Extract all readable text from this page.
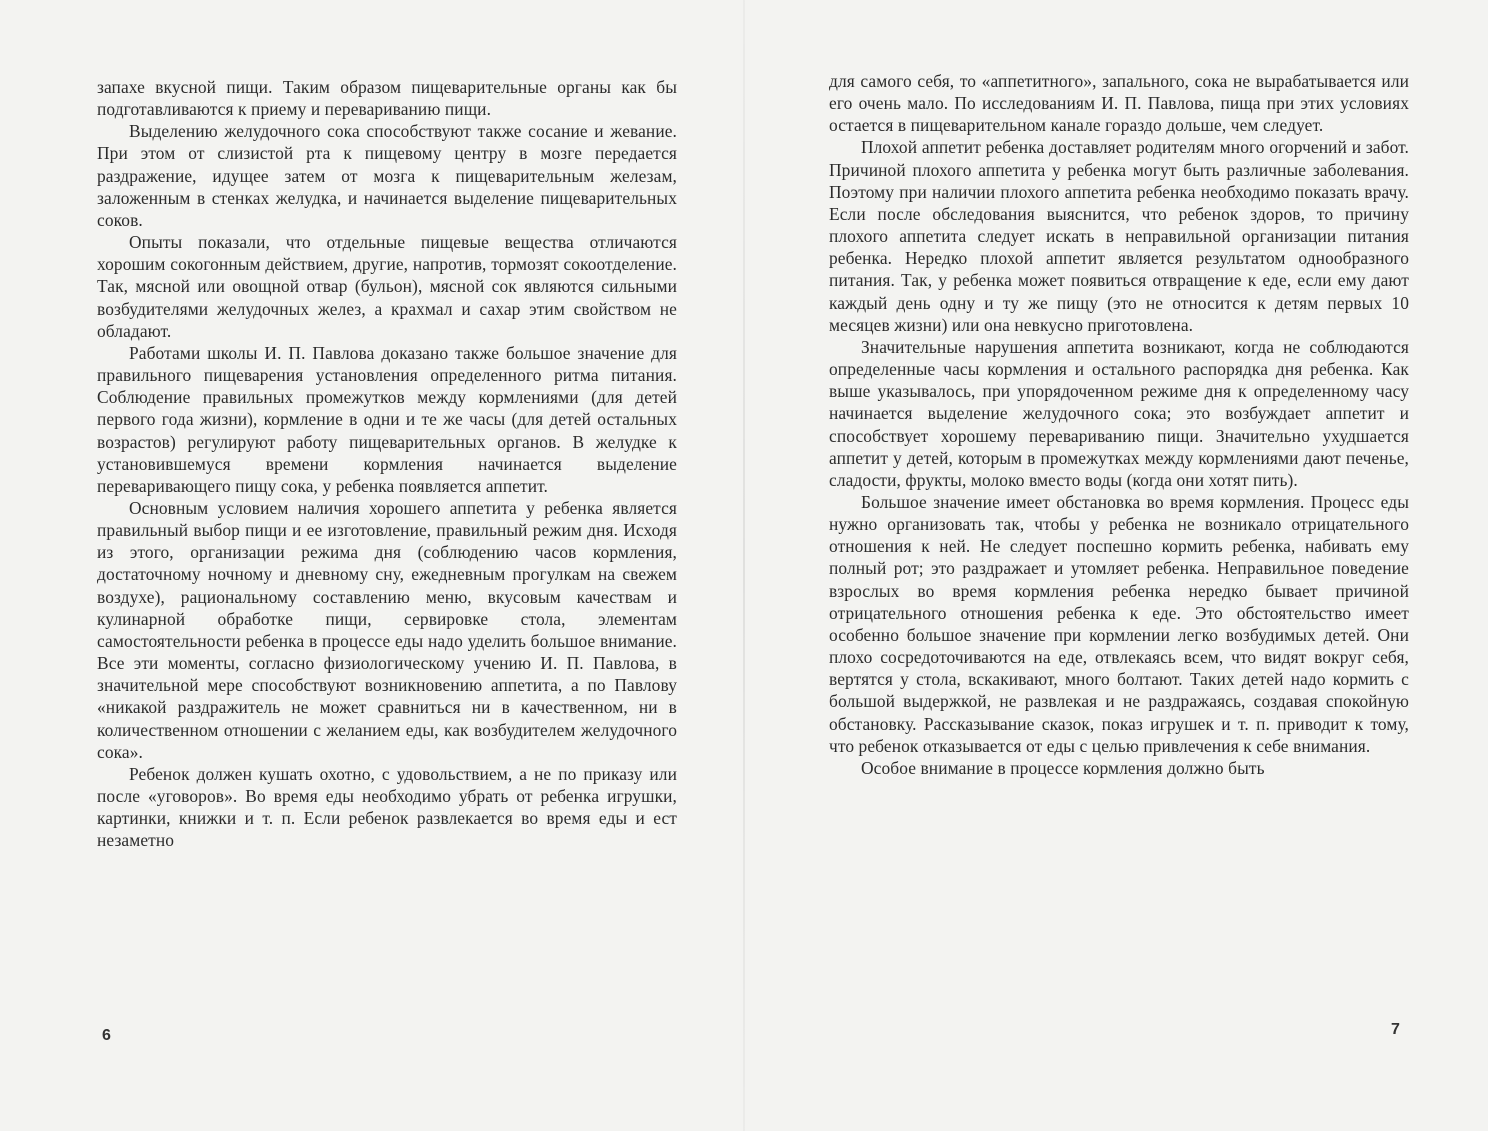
запахе вкусной пищи. Таким образом пищеварительные органы как бы подготавливаются к приему и перевариванию пищи.

Выделению желудочного сока способствуют также сосание и жевание. При этом от слизистой рта к пищевому центру в мозге передается раздражение, идущее затем от мозга к пищеварительным железам, заложенным в стенках желудка, и начинается выделение пищеварительных соков.

Опыты показали, что отдельные пищевые вещества отличаются хорошим сокогонным действием, другие, напротив, тормозят сокоотделение. Так, мясной или овощной отвар (бульон), мясной сок являются сильными возбудителями желудочных желез, а крахмал и сахар этим свойством не обладают.

Работами школы И. П. Павлова доказано также большое значение для правильного пищеварения установления определенного ритма питания. Соблюдение правильных промежутков между кормлениями (для детей первого года жизни), кормление в одни и те же часы (для детей остальных возрастов) регулируют работу пищеварительных органов. В желудке к установившемуся времени кормления начинается выделение переваривающего пищу сока, у ребенка появляется аппетит.

Основным условием наличия хорошего аппетита у ребенка является правильный выбор пищи и ее изготовление, правильный режим дня. Исходя из этого, организации режима дня (соблюдению часов кормления, достаточному ночному и дневному сну, ежедневным прогулкам на свежем воздухе), рациональному составлению меню, вкусовым качествам и кулинарной обработке пищи, сервировке стола, элементам самостоятельности ребенка в процессе еды надо уделить большое внимание. Все эти моменты, согласно физиологическому учению И. П. Павлова, в значительной мере способствуют возникновению аппетита, а по Павлову «никакой раздражитель не может сравниться ни в качественном, ни в количественном отношении с желанием еды, как возбудителем желудочного сока».

Ребенок должен кушать охотно, с удовольствием, а не по приказу или после «уговоров». Во время еды необходимо убрать от ребенка игрушки, картинки, книжки и т. п. Если ребенок развлекается во время еды и ест незаметно

6

для самого себя, то «аппетитного», запального, сока не вырабатывается или его очень мало. По исследованиям И. П. Павлова, пища при этих условиях остается в пищеварительном канале гораздо дольше, чем следует.

Плохой аппетит ребенка доставляет родителям много огорчений и забот. Причиной плохого аппетита у ребенка могут быть различные заболевания. Поэтому при наличии плохого аппетита ребенка необходимо показать врачу. Если после обследования выяснится, что ребенок здоров, то причину плохого аппетита следует искать в неправильной организации питания ребенка. Нередко плохой аппетит является результатом однообразного питания. Так, у ребенка может появиться отвращение к еде, если ему дают каждый день одну и ту же пищу (это не относится к детям первых 10 месяцев жизни) или она невкусно приготовлена.

Значительные нарушения аппетита возникают, когда не соблюдаются определенные часы кормления и остального распорядка дня ребенка. Как выше указывалось, при упорядоченном режиме дня к определенному часу начинается выделение желудочного сока; это возбуждает аппетит и способствует хорошему перевариванию пищи. Значительно ухудшается аппетит у детей, которым в промежутках между кормлениями дают печенье, сладости, фрукты, молоко вместо воды (когда они хотят пить).

Большое значение имеет обстановка во время кормления. Процесс еды нужно организовать так, чтобы у ребенка не возникало отрицательного отношения к ней. Не следует поспешно кормить ребенка, набивать ему полный рот; это раздражает и утомляет ребенка. Неправильное поведение взрослых во время кормления ребенка нередко бывает причиной отрицательного отношения ребенка к еде. Это обстоятельство имеет особенно большое значение при кормлении легко возбудимых детей. Они плохо сосредоточиваются на еде, отвлекаясь всем, что видят вокруг себя, вертятся у стола, вскакивают, много болтают. Таких детей надо кормить с большой выдержкой, не развлекая и не раздражаясь, создавая спокойную обстановку. Рассказывание сказок, показ игрушек и т. п. приводит к тому, что ребенок отказывается от еды с целью привлечения к себе внимания.

Особое внимание в процессе кормления должно быть

7
